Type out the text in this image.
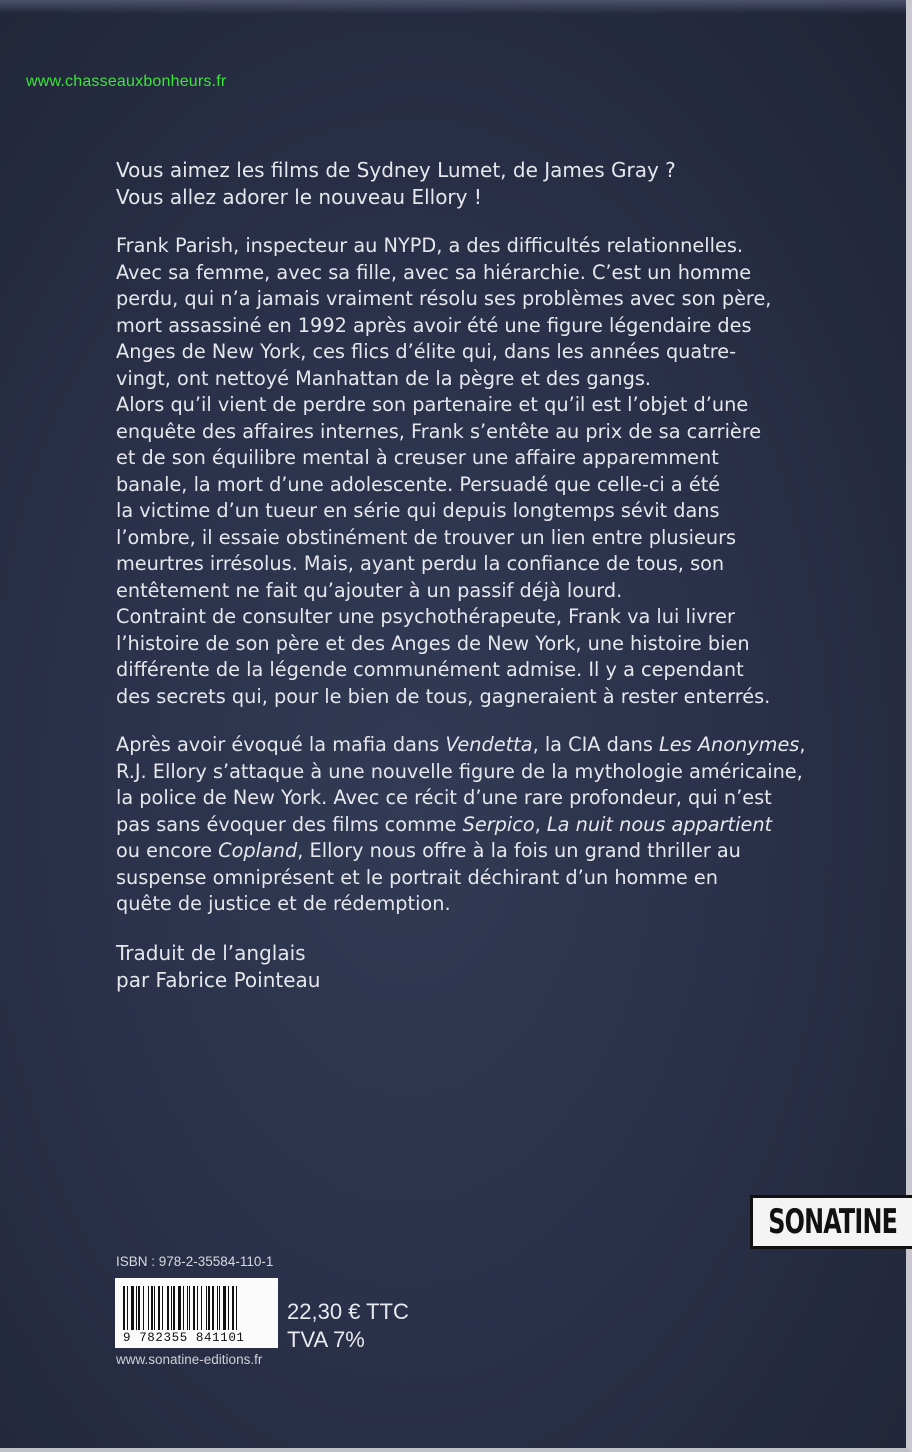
www.chasseauxbonheurs.fr
Vous aimez les films de Sydney Lumet, de James Gray ?
Vous allez adorer le nouveau Ellory !
Frank Parish, inspecteur au NYPD, a des difficultés relationnelles.
Avec sa femme, avec sa fille, avec sa hiérarchie. C’est un homme
perdu, qui n’a jamais vraiment résolu ses problèmes avec son père,
mort assassiné en 1992 après avoir été une figure légendaire des
Anges de New York, ces flics d’élite qui, dans les années quatre-
vingt, ont nettoyé Manhattan de la pègre et des gangs.
Alors qu’il vient de perdre son partenaire et qu’il est l’objet d’une
enquête des affaires internes, Frank s’entête au prix de sa carrière
et de son équilibre mental à creuser une affaire apparemment
banale, la mort d’une adolescente. Persuadé que celle-ci a été
la victime d’un tueur en série qui depuis longtemps sévit dans
l’ombre, il essaie obstinément de trouver un lien entre plusieurs
meurtres irrésolus. Mais, ayant perdu la confiance de tous, son
entêtement ne fait qu’ajouter à un passif déjà lourd.
Contraint de consulter une psychothérapeute, Frank va lui livrer
l’histoire de son père et des Anges de New York, une histoire bien
différente de la légende communément admise. Il y a cependant
des secrets qui, pour le bien de tous, gagneraient à rester enterrés.
Après avoir évoqué la mafia dans Vendetta, la CIA dans Les Anonymes,
R.J. Ellory s’attaque à une nouvelle figure de la mythologie américaine,
la police de New York. Avec ce récit d’une rare profondeur, qui n’est
pas sans évoquer des films comme Serpico, La nuit nous appartient
ou encore Copland, Ellory nous offre à la fois un grand thriller au
suspense omniprésent et le portrait déchirant d’un homme en
quête de justice et de rédemption.
Traduit de l’anglais
par Fabrice Pointeau
SONATINE
ISBN : 978-2-35584-110-1
9 782355 841101
22,30 € TTC
TVA 7%
www.sonatine-editions.fr
